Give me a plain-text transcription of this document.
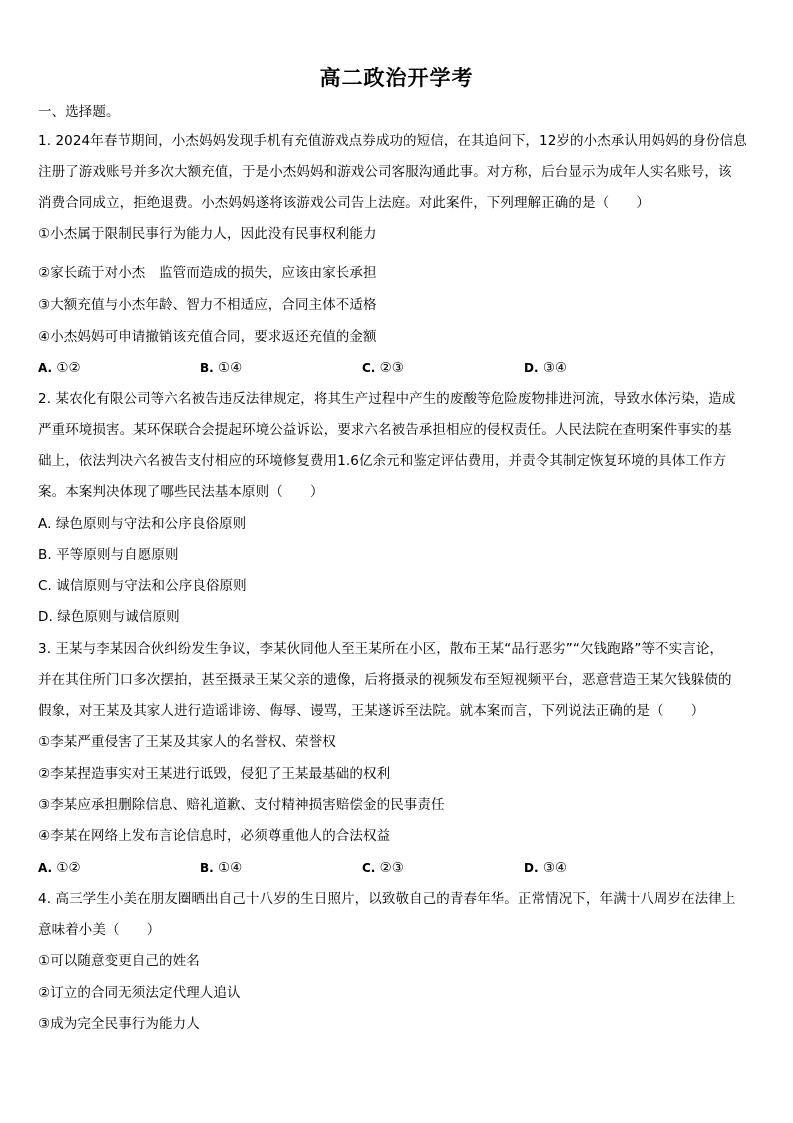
高二政治开学考
一、选择题。
1. 2024年春节期间，小杰妈妈发现手机有充值游戏点券成功的短信，在其追问下，12岁的小杰承认用妈妈的身份信息
注册了游戏账号并多次大额充值，于是小杰妈妈和游戏公司客服沟通此事。对方称，后台显示为成年人实名账号，该
消费合同成立，拒绝退费。小杰妈妈遂将该游戏公司告上法庭。对此案件，下列理解正确的是（　　）
①小杰属于限制民事行为能力人，因此没有民事权利能力
②家长疏于对小杰　监管而造成的损失，应该由家长承担
③大额充值与小杰年龄、智力不相适应，合同主体不适格
④小杰妈妈可申请撤销该充值合同，要求返还充值的金额
A. ①②	B. ①④	C. ②③	D. ③④
2. 某农化有限公司等六名被告违反法律规定，将其生产过程中产生的废酸等危险废物排进河流，导致水体污染，造成
严重环境损害。某环保联合会提起环境公益诉讼，要求六名被告承担相应的侵权责任。人民法院在查明案件事实的基
础上，依法判决六名被告支付相应的环境修复费用1.6亿余元和鉴定评估费用，并责令其制定恢复环境的具体工作方
案。本案判决体现了哪些民法基本原则（　　）
A. 绿色原则与守法和公序良俗原则
B. 平等原则与自愿原则
C. 诚信原则与守法和公序良俗原则
D. 绿色原则与诚信原则
3. 王某与李某因合伙纠纷发生争议，李某伙同他人至王某所在小区，散布王某“品行恶劣”“欠钱跑路”等不实言论，
并在其住所门口多次摆拍，甚至摄录王某父亲的遗像，后将摄录的视频发布至短视频平台，恶意营造王某欠钱躲债的
假象，对王某及其家人进行造谣诽谤、侮辱、谩骂，王某遂诉至法院。就本案而言，下列说法正确的是（　　）
①李某严重侵害了王某及其家人的名誉权、荣誉权
②李某捏造事实对王某进行诋毁，侵犯了王某最基础的权利
③李某应承担删除信息、赔礼道歉、支付精神损害赔偿金的民事责任
④李某在网络上发布言论信息时，必须尊重他人的合法权益
A. ①②	B. ①④	C. ②③	D. ③④
4. 高三学生小美在朋友圈晒出自己十八岁的生日照片，以致敬自己的青春年华。正常情况下，年满十八周岁在法律上
意味着小美（　　）
①可以随意变更自己的姓名
②订立的合同无须法定代理人追认
③成为完全民事行为能力人
